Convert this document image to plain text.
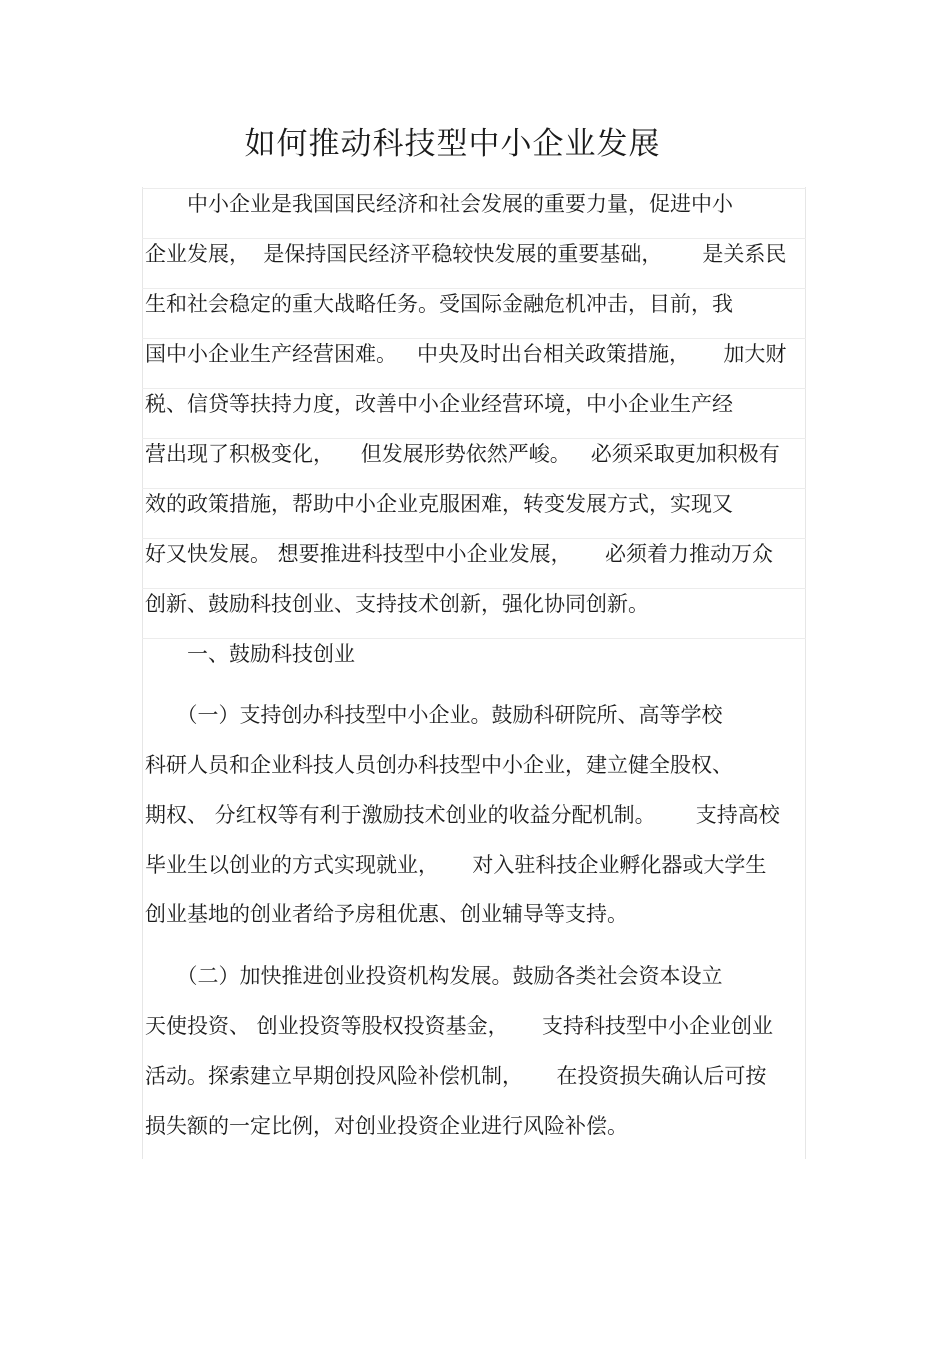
如何推动科技型中小企业发展

　　中小企业是我国国民经济和社会发展的重要力量，促进中小

企业发展，  是保持国民经济平稳较快发展的重要基础，      是关系民

生和社会稳定的重大战略任务。受国际金融危机冲击，目前，我

国中小企业生产经营困难。   中央及时出台相关政策措施，     加大财

税、信贷等扶持力度，改善中小企业经营环境，中小企业生产经

营出现了积极变化，    但发展形势依然严峻。   必须采取更加积极有

效的政策措施，帮助中小企业克服困难，转变发展方式，实现又

好又快发展。 想要推进科技型中小企业发展，     必须着力推动万众

创新、鼓励科技创业、支持技术创新，强化协同创新。

　　一、鼓励科技创业

　　（一）支持创办科技型中小企业。鼓励科研院所、高等学校

科研人员和企业科技人员创办科技型中小企业，建立健全股权、

期权、 分红权等有利于激励技术创业的收益分配机制。      支持高校

毕业生以创业的方式实现就业，     对入驻科技企业孵化器或大学生

创业基地的创业者给予房租优惠、创业辅导等支持。

　　（二）加快推进创业投资机构发展。鼓励各类社会资本设立

天使投资、 创业投资等股权投资基金，     支持科技型中小企业创业

活动。探索建立早期创投风险补偿机制，     在投资损失确认后可按

损失额的一定比例，对创业投资企业进行风险补偿。
